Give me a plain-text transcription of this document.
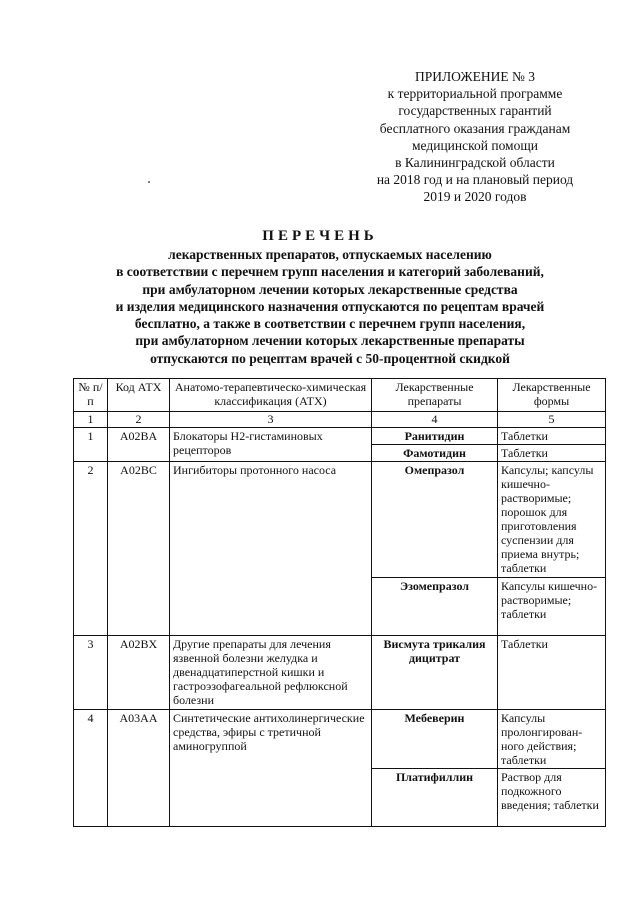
ПРИЛОЖЕНИЕ № 3
к территориальной программе
государственных гарантий
бесплатного оказания гражданам
медицинской помощи
в Калининградской области
на 2018 год и на плановый период
2019 и 2020 годов
ПЕРЕЧЕНЬ
лекарственных препаратов, отпускаемых населению
в соответствии с перечнем групп населения и категорий заболеваний,
при амбулаторном лечении которых лекарственные средства
и изделия медицинского назначения отпускаются по рецептам врачей
бесплатно, а также в соответствии с перечнем групп населения,
при амбулаторном лечении которых лекарственные препараты
отпускаются по рецептам врачей с 50-процентной скидкой
№ п/п	Код АТХ	Анатомо-терапевтическо-химическая классификация (АТХ)	Лекарственные препараты	Лекарственные формы
1	2	3	4	5
1	A02BA	Блокаторы Н2-гистаминовых рецепторов	Ранитидин	Таблетки
			Фамотидин	Таблетки
2	A02BC	Ингибиторы протонного насоса	Омепразол	Капсулы; капсулы кишечно-растворимые; порошок для приготовления суспензии для приема внутрь; таблетки
			Эзомепразол	Капсулы кишечно-растворимые; таблетки
3	A02BX	Другие препараты для лечения язвенной болезни желудка и двенадцатиперстной кишки и гастроэзофагеальной рефлюксной болезни	Висмута трикалия дицитрат	Таблетки
4	A03AA	Синтетические антихолинергические средства, эфиры с третичной аминогруппой	Мебеверин	Капсулы пролонгирован-ного действия; таблетки
			Платифиллин	Раствор для подкожного введения; таблетки
